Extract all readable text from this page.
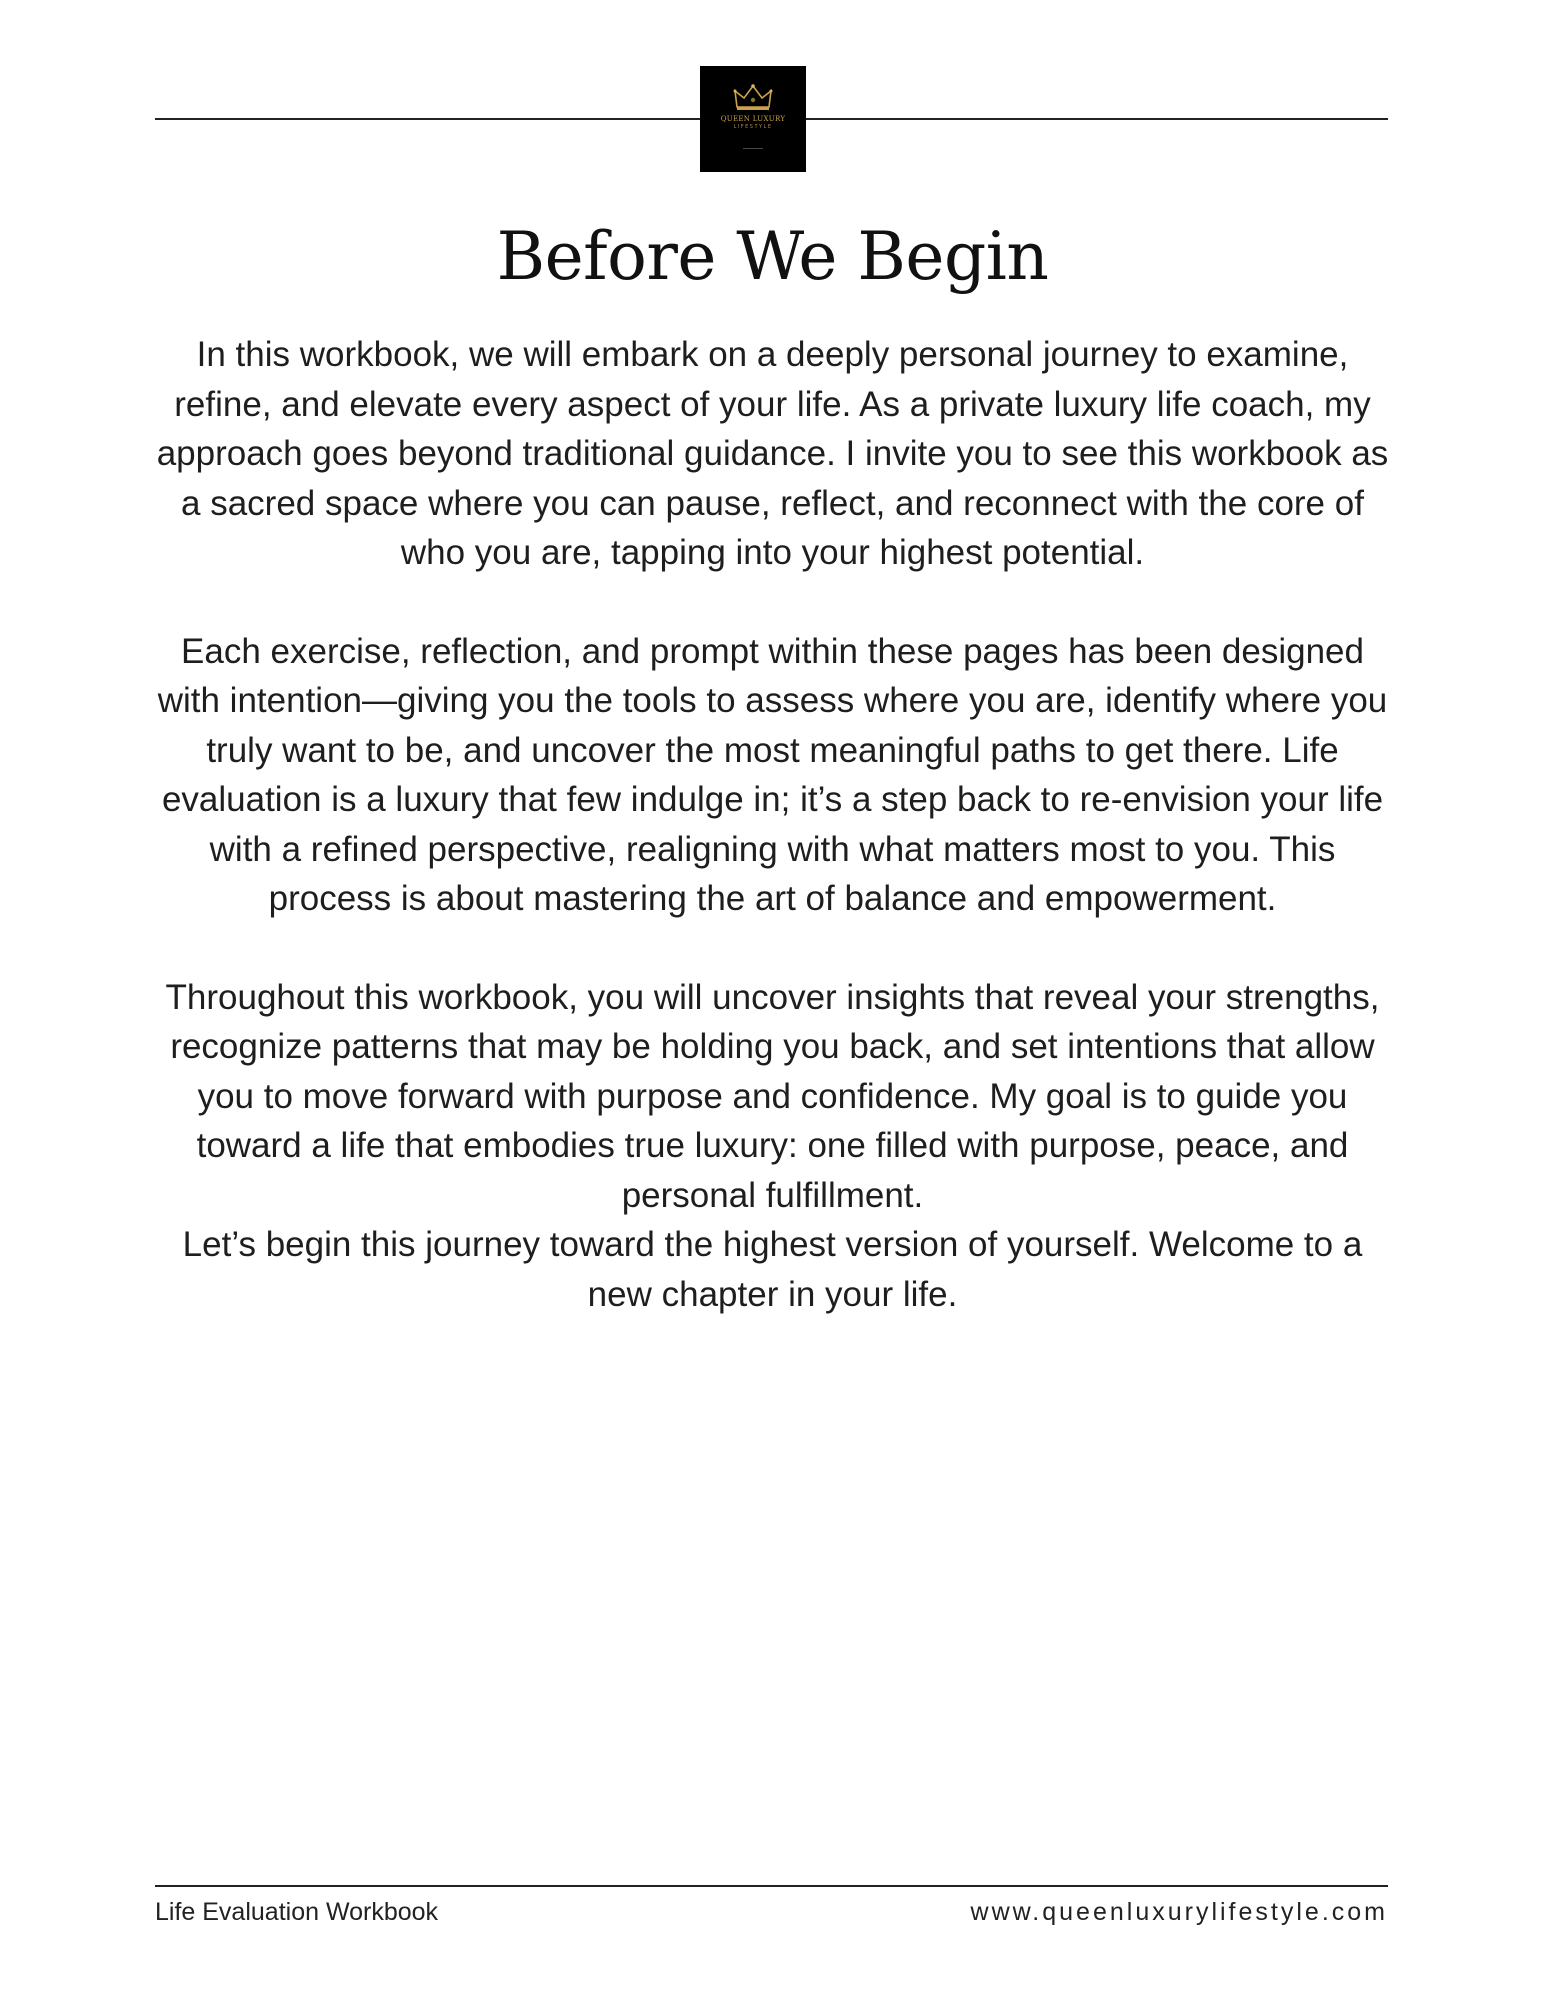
QUEEN LUXURY
LIFESTYLE
Before We Begin

In this workbook, we will embark on a deeply personal journey to examine, refine, and elevate every aspect of your life. As a private luxury life coach, my approach goes beyond traditional guidance. I invite you to see this workbook as a sacred space where you can pause, reflect, and reconnect with the core of who you are, tapping into your highest potential.

Each exercise, reflection, and prompt within these pages has been designed with intention—giving you the tools to assess where you are, identify where you truly want to be, and uncover the most meaningful paths to get there. Life evaluation is a luxury that few indulge in; it’s a step back to re-envision your life with a refined perspective, realigning with what matters most to you. This process is about mastering the art of balance and empowerment.

Throughout this workbook, you will uncover insights that reveal your strengths, recognize patterns that may be holding you back, and set intentions that allow you to move forward with purpose and confidence. My goal is to guide you toward a life that embodies true luxury: one filled with purpose, peace, and personal fulfillment.

Let’s begin this journey toward the highest version of yourself. Welcome to a new chapter in your life.

Life Evaluation Workbook	www.queenluxurylifestyle.com
